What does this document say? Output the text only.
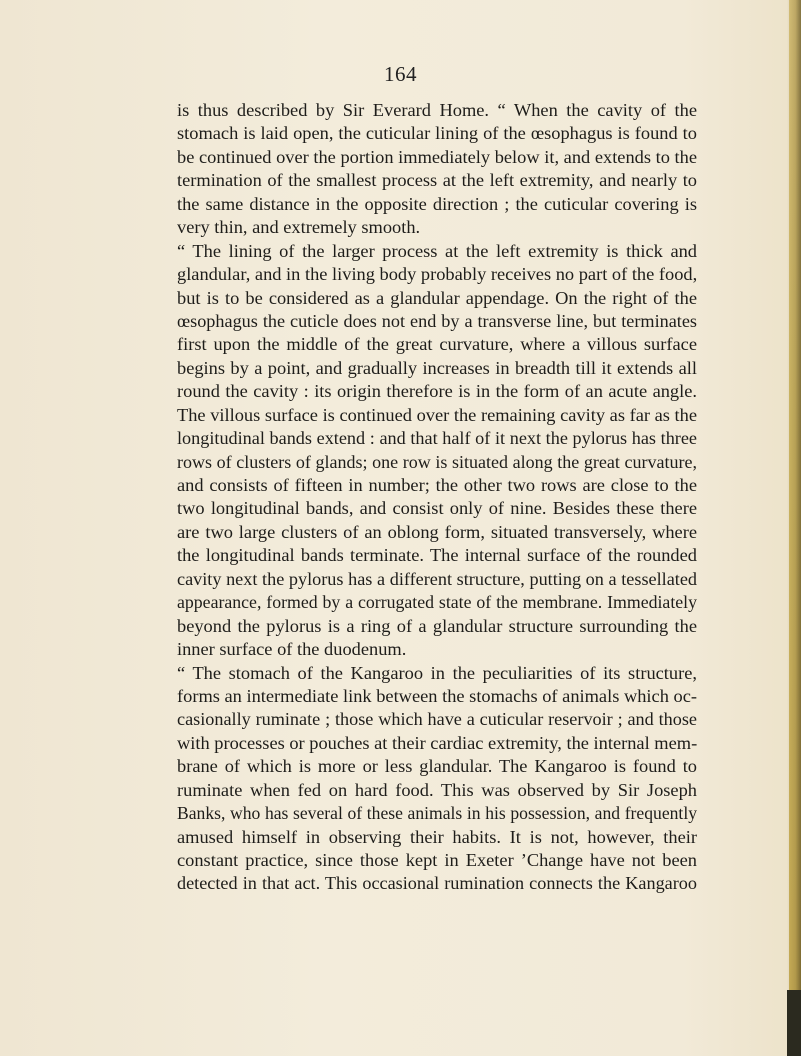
164
is thus described by Sir Everard Home. “ When the cavity of the
stomach is laid open, the cuticular lining of the œsophagus is found to
be continued over the portion immediately below it, and extends to the
termination of the smallest process at the left extremity, and nearly to
the same distance in the opposite direction ; the cuticular covering is
very thin, and extremely smooth.
“ The lining of the larger process at the left extremity is thick and
glandular, and in the living body probably receives no part of the food,
but is to be considered as a glandular appendage. On the right of the
œsophagus the cuticle does not end by a transverse line, but terminates
first upon the middle of the great curvature, where a villous surface
begins by a point, and gradually increases in breadth till it extends all
round the cavity : its origin therefore is in the form of an acute angle.
The villous surface is continued over the remaining cavity as far as the
longitudinal bands extend : and that half of it next the pylorus has three
rows of clusters of glands; one row is situated along the great curvature,
and consists of fifteen in number; the other two rows are close to the
two longitudinal bands, and consist only of nine. Besides these there
are two large clusters of an oblong form, situated transversely, where
the longitudinal bands terminate. The internal surface of the rounded
cavity next the pylorus has a different structure, putting on a tessellated
appearance, formed by a corrugated state of the membrane. Immediately
beyond the pylorus is a ring of a glandular structure surrounding the
inner surface of the duodenum.
“ The stomach of the Kangaroo in the peculiarities of its structure,
forms an intermediate link between the stomachs of animals which oc-
casionally ruminate ; those which have a cuticular reservoir ; and those
with processes or pouches at their cardiac extremity, the internal mem-
brane of which is more or less glandular. The Kangaroo is found to
ruminate when fed on hard food. This was observed by Sir Joseph
Banks, who has several of these animals in his possession, and frequently
amused himself in observing their habits. It is not, however, their
constant practice, since those kept in Exeter ’Change have not been
detected in that act. This occasional rumination connects the Kangaroo
